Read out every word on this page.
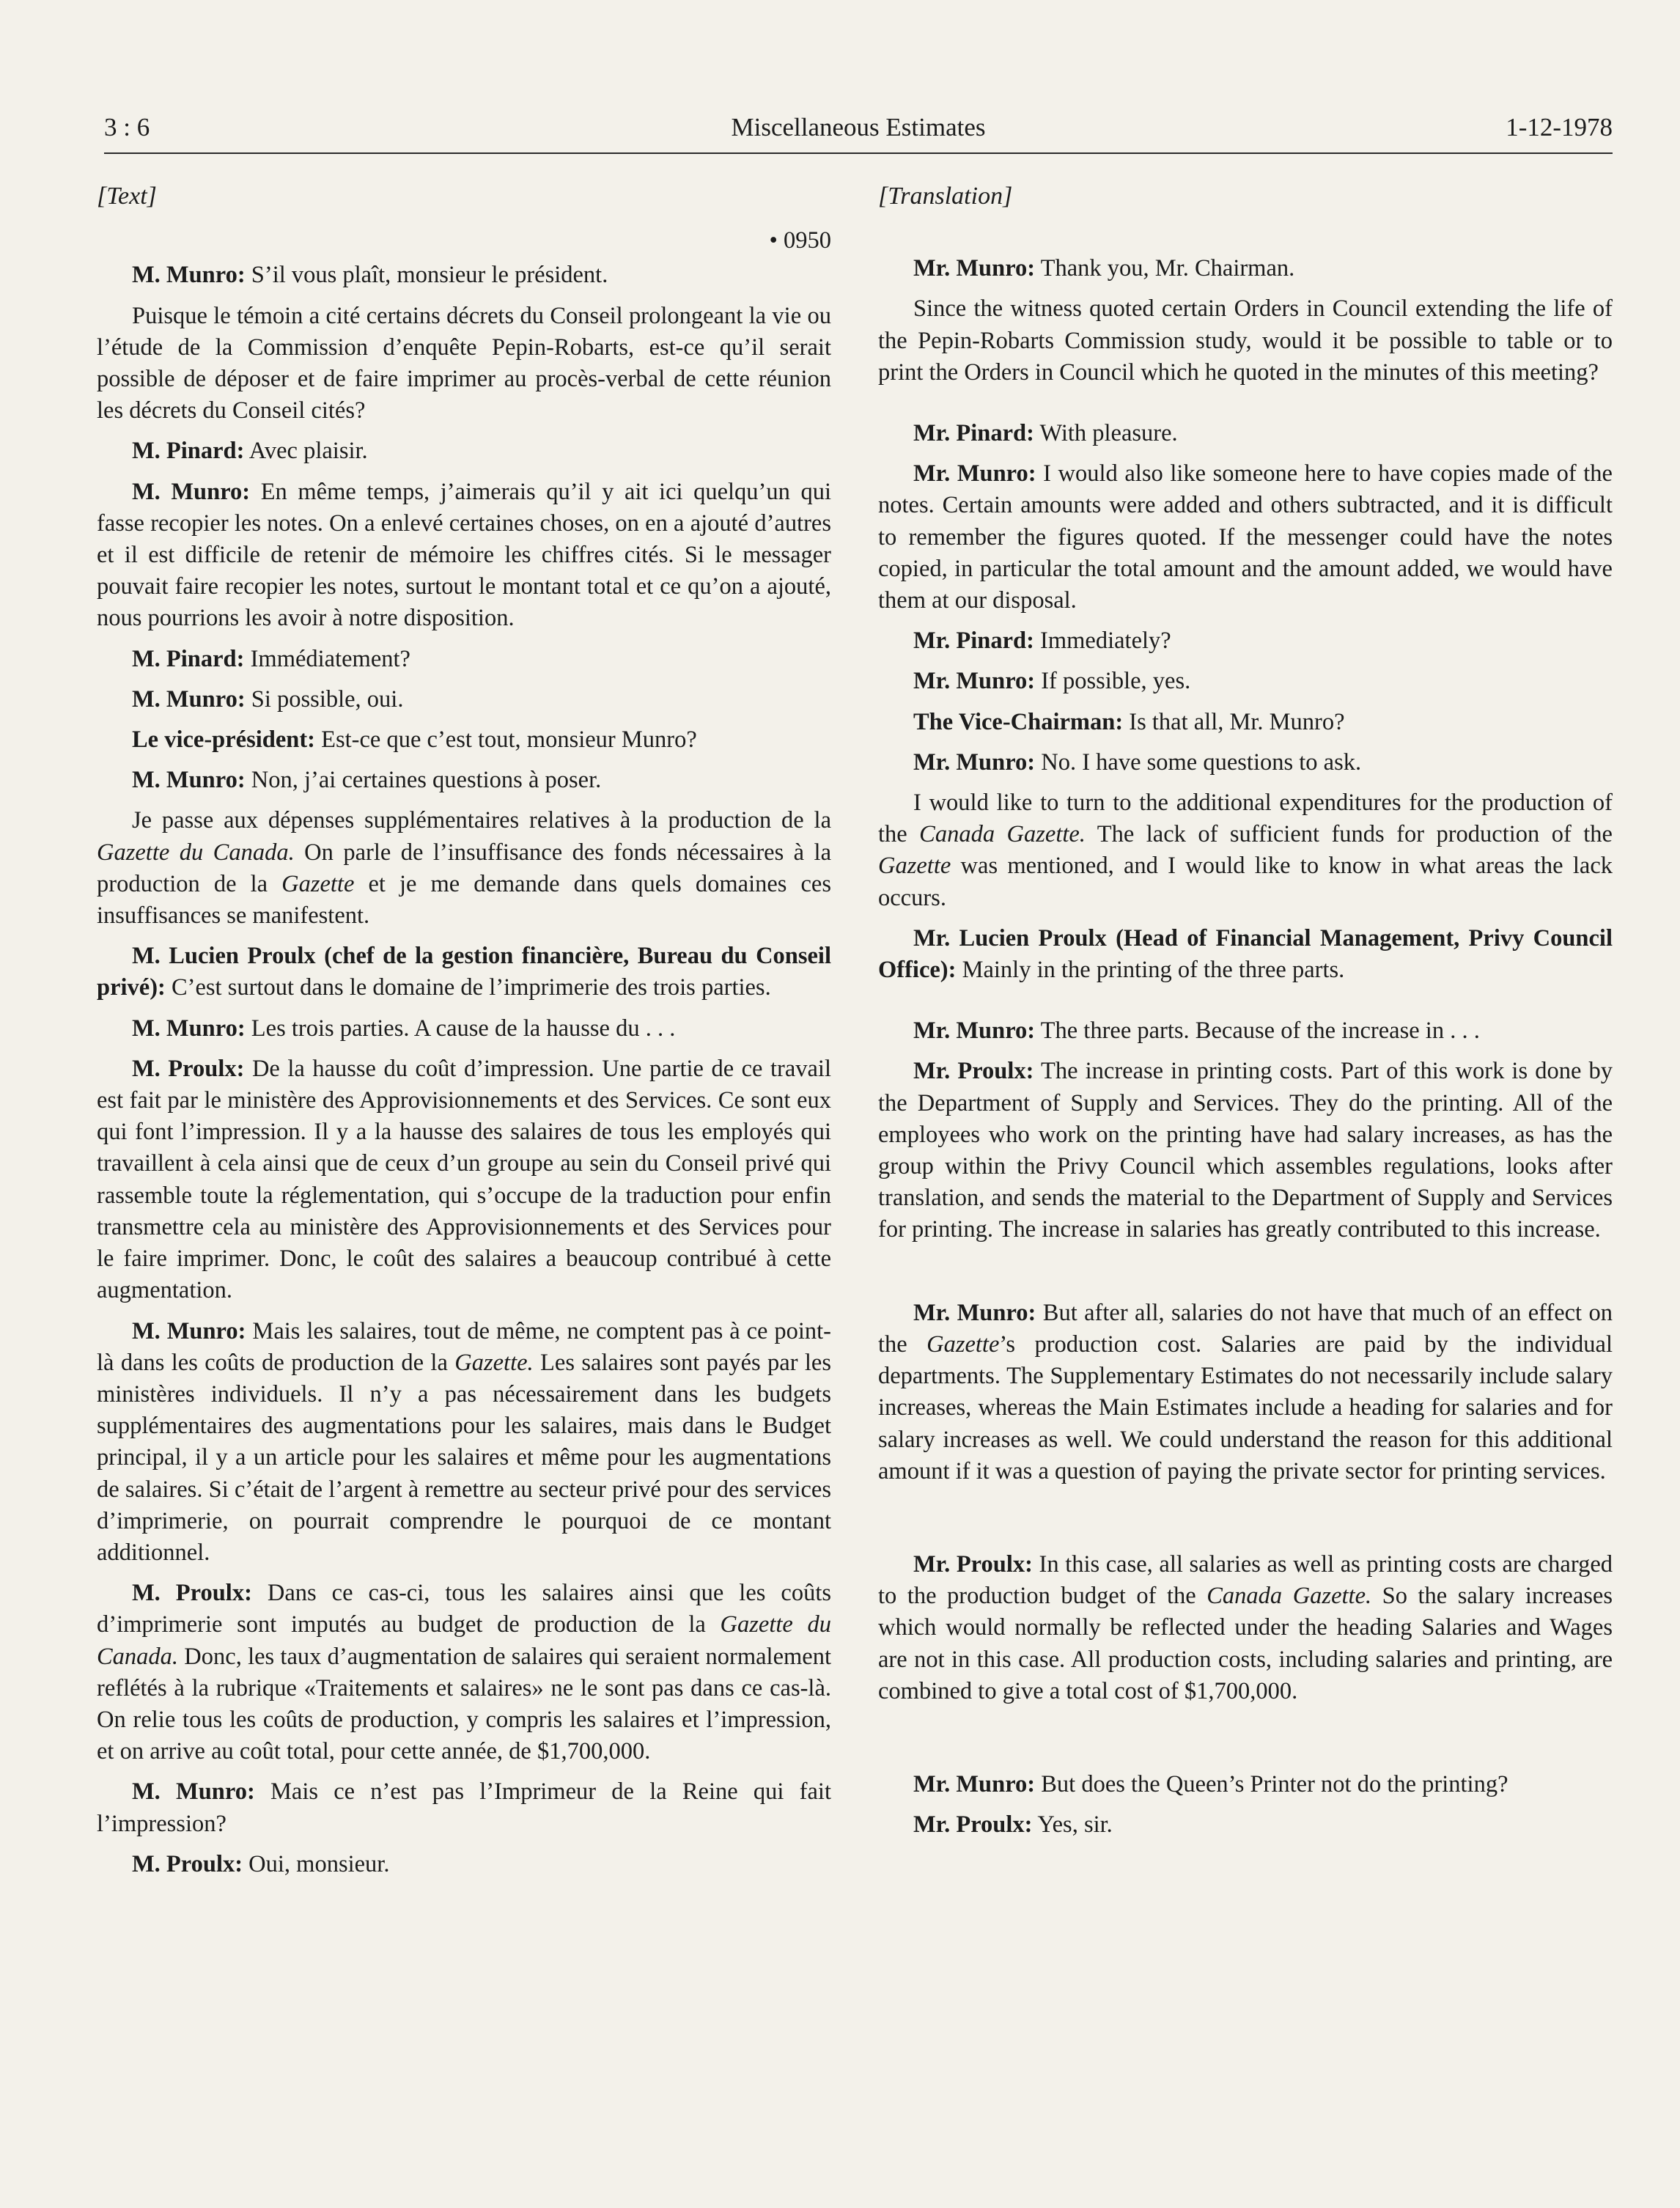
3 : 6	Miscellaneous Estimates	1-12-1978

[Text]

• 0950

M. Munro: S’il vous plaît, monsieur le président.

Puisque le témoin a cité certains décrets du Conseil prolongeant la vie ou l’étude de la Commission d’enquête Pepin-Robarts, est-ce qu’il serait possible de déposer et de faire imprimer au procès-verbal de cette réunion les décrets du Conseil cités?

M. Pinard: Avec plaisir.

M. Munro: En même temps, j’aimerais qu’il y ait ici quelqu’un qui fasse recopier les notes. On a enlevé certaines choses, on en a ajouté d’autres et il est difficile de retenir de mémoire les chiffres cités. Si le messager pouvait faire recopier les notes, surtout le montant total et ce qu’on a ajouté, nous pourrions les avoir à notre disposition.

M. Pinard: Immédiatement?

M. Munro: Si possible, oui.

Le vice-président: Est-ce que c’est tout, monsieur Munro?

M. Munro: Non, j’ai certaines questions à poser.

Je passe aux dépenses supplémentaires relatives à la production de la Gazette du Canada. On parle de l’insuffisance des fonds nécessaires à la production de la Gazette et je me demande dans quels domaines ces insuffisances se manifestent.

M. Lucien Proulx (chef de la gestion financière, Bureau du Conseil privé): C’est surtout dans le domaine de l’imprimerie des trois parties.

M. Munro: Les trois parties. A cause de la hausse du . . .

M. Proulx: De la hausse du coût d’impression. Une partie de ce travail est fait par le ministère des Approvisionnements et des Services. Ce sont eux qui font l’impression. Il y a la hausse des salaires de tous les employés qui travaillent à cela ainsi que de ceux d’un groupe au sein du Conseil privé qui rassemble toute la réglementation, qui s’occupe de la traduction pour enfin transmettre cela au ministère des Approvisionnements et des Services pour le faire imprimer. Donc, le coût des salaires a beaucoup contribué à cette augmentation.

M. Munro: Mais les salaires, tout de même, ne comptent pas à ce point-là dans les coûts de production de la Gazette. Les salaires sont payés par les ministères individuels. Il n’y a pas nécessairement dans les budgets supplémentaires des augmentations pour les salaires, mais dans le Budget principal, il y a un article pour les salaires et même pour les augmentations de salaires. Si c’était de l’argent à remettre au secteur privé pour des services d’imprimerie, on pourrait comprendre le pourquoi de ce montant additionnel.

M. Proulx: Dans ce cas-ci, tous les salaires ainsi que les coûts d’imprimerie sont imputés au budget de production de la Gazette du Canada. Donc, les taux d’augmentation de salaires qui seraient normalement reflétés à la rubrique «Traitements et salaires» ne le sont pas dans ce cas-là. On relie tous les coûts de production, y compris les salaires et l’impression, et on arrive au coût total, pour cette année, de $1,700,000.

M. Munro: Mais ce n’est pas l’Imprimeur de la Reine qui fait l’impression?

M. Proulx: Oui, monsieur.

[Translation]

Mr. Munro: Thank you, Mr. Chairman.

Since the witness quoted certain Orders in Council extending the life of the Pepin-Robarts Commission study, would it be possible to table or to print the Orders in Council which he quoted in the minutes of this meeting?

Mr. Pinard: With pleasure.

Mr. Munro: I would also like someone here to have copies made of the notes. Certain amounts were added and others subtracted, and it is difficult to remember the figures quoted. If the messenger could have the notes copied, in particular the total amount and the amount added, we would have them at our disposal.

Mr. Pinard: Immediately?

Mr. Munro: If possible, yes.

The Vice-Chairman: Is that all, Mr. Munro?

Mr. Munro: No. I have some questions to ask.

I would like to turn to the additional expenditures for the production of the Canada Gazette. The lack of sufficient funds for production of the Gazette was mentioned, and I would like to know in what areas the lack occurs.

Mr. Lucien Proulx (Head of Financial Management, Privy Council Office): Mainly in the printing of the three parts.

Mr. Munro: The three parts. Because of the increase in . . .

Mr. Proulx: The increase in printing costs. Part of this work is done by the Department of Supply and Services. They do the printing. All of the employees who work on the printing have had salary increases, as has the group within the Privy Council which assembles regulations, looks after translation, and sends the material to the Department of Supply and Services for printing. The increase in salaries has greatly contributed to this increase.

Mr. Munro: But after all, salaries do not have that much of an effect on the Gazette’s production cost. Salaries are paid by the individual departments. The Supplementary Estimates do not necessarily include salary increases, whereas the Main Estimates include a heading for salaries and for salary increases as well. We could understand the reason for this additional amount if it was a question of paying the private sector for printing services.

Mr. Proulx: In this case, all salaries as well as printing costs are charged to the production budget of the Canada Gazette. So the salary increases which would normally be reflected under the heading Salaries and Wages are not in this case. All production costs, including salaries and printing, are combined to give a total cost of $1,700,000.

Mr. Munro: But does the Queen’s Printer not do the printing?

Mr. Proulx: Yes, sir.
